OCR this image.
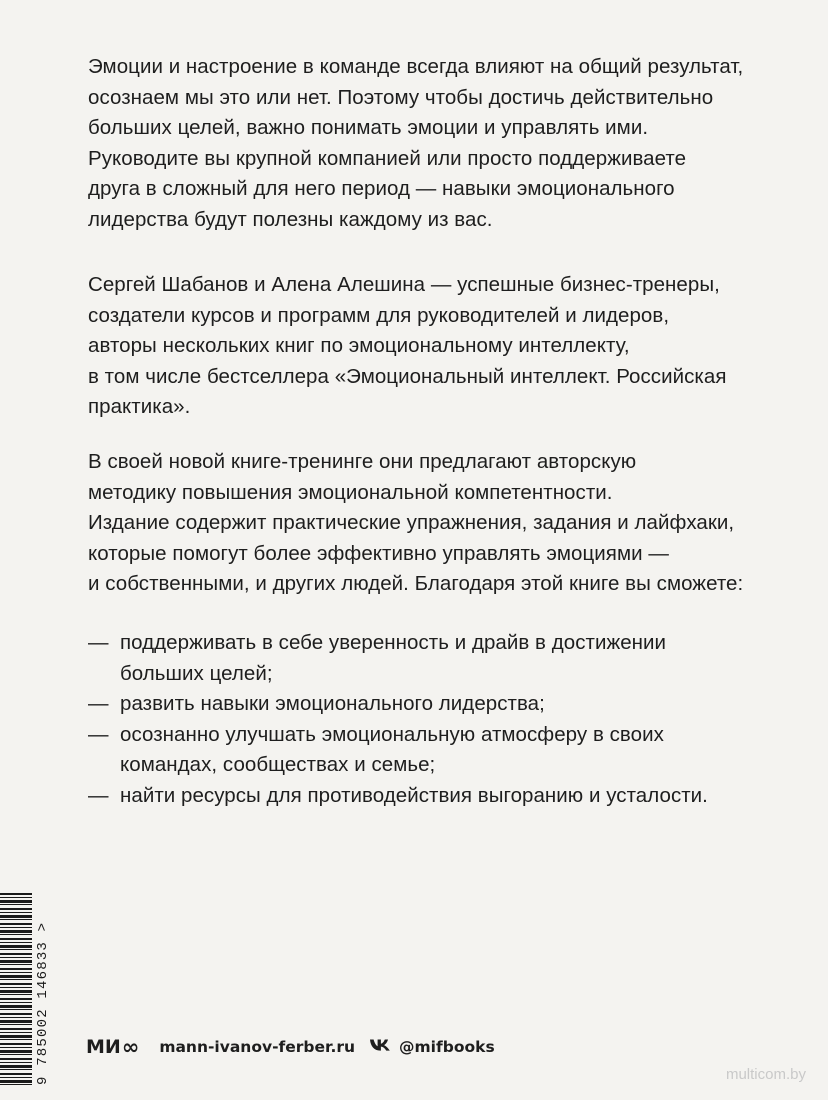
Эмоции и настроение в команде всегда влияют на общий результат,

осознаем мы это или нет. Поэтому чтобы достичь действительно

больших целей, важно понимать эмоции и управлять ими.

Руководите вы крупной компанией или просто поддерживаете

друга в сложный для него период — навыки эмоционального

лидерства будут полезны каждому из вас.

Сергей Шабанов и Алена Алешина — успешные бизнес-тренеры,

создатели курсов и программ для руководителей и лидеров,

авторы нескольких книг по эмоциональному интеллекту,

в том числе бестселлера «Эмоциональный интеллект. Российская

практика».

В своей новой книге-тренинге они предлагают авторскую

методику повышения эмоциональной компетентности.

Издание содержит практические упражнения, задания и лайфхаки,

которые помогут более эффективно управлять эмоциями —

и собственными, и других людей. Благодаря этой книге вы сможете:

— поддерживать в себе уверенность и драйв в достижении

больших целей;

— развить навыки эмоционального лидерства;

— осознанно улучшать эмоциональную атмосферу в своих

командах, сообществах и семье;

— найти ресурсы для противодействия выгоранию и усталости.

9 785002 146833 > МИ ∞ mann-ivanov-ferber.ru	@mifbooks
multicom.by
